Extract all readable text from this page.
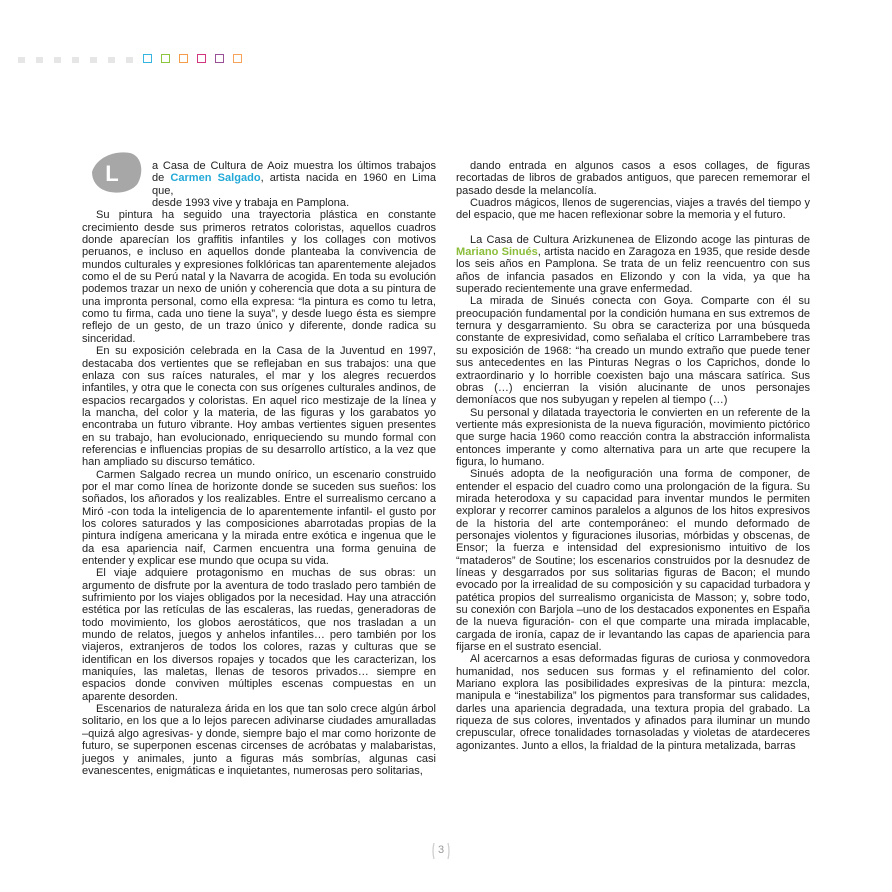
L	a Casa de Cultura de Aoiz muestra los últimos trabajos de Carmen Salgado, artista nacida en 1960 en Lima que,
desde 1993 vive y trabaja en Pamplona.

Su pintura ha seguido una trayectoria plástica en constante crecimiento desde sus primeros retratos coloristas, aquellos cuadros donde aparecían los graffitis infantiles y los collages con motivos peruanos, e incluso en aquellos donde planteaba la convivencia de mundos culturales y expresiones folklóricas tan aparentemente alejados como el de su Perú natal y la Navarra de acogida. En toda su evolución podemos trazar un nexo de unión y coherencia que dota a su pintura de una impronta personal, como ella expresa: “la pintura es como tu letra, como tu firma, cada uno tiene la suya”, y desde luego ésta es siempre reflejo de un gesto, de un trazo único y diferente, donde radica su sinceridad.

En su exposición celebrada en la Casa de la Juventud en 1997, destacaba dos vertientes que se reflejaban en sus trabajos: una que enlaza con sus raíces naturales, el mar y los alegres recuerdos infantiles, y otra que le conecta con sus orígenes culturales andinos, de espacios recargados y coloristas. En aquel rico mestizaje de la línea y la mancha, del color y la materia, de las figuras y los garabatos yo encontraba un futuro vibrante. Hoy ambas vertientes siguen presentes en su trabajo, han evolucionado, enriqueciendo su mundo formal con referencias e influencias propias de su desarrollo artístico, a la vez que han ampliado su discurso temático.

Carmen Salgado recrea un mundo onírico, un escenario construido por el mar como línea de horizonte donde se suceden sus sueños: los soñados, los añorados y los realizables. Entre el surrealismo cercano a Miró -con toda la inteligencia de lo aparentemente infantil- el gusto por los colores saturados y las composiciones abarrotadas propias de la pintura indígena americana y la mirada entre exótica e ingenua que le da esa apariencia naif, Carmen encuentra una forma genuina de entender y explicar ese mundo que ocupa su vida.

El viaje adquiere protagonismo en muchas de sus obras: un argumento de disfrute por la aventura de todo traslado pero también de sufrimiento por los viajes obligados por la necesidad. Hay una atracción estética por las retículas de las escaleras, las ruedas, generadoras de todo movimiento, los globos aerostáticos, que nos trasladan a un mundo de relatos, juegos y anhelos infantiles… pero también por los viajeros, extranjeros de todos los colores, razas y culturas que se identifican en los diversos ropajes y tocados que les caracterizan, los maniquíes, las maletas, llenas de tesoros privados… siempre en espacios donde conviven múltiples escenas compuestas en un aparente desorden.

Escenarios de naturaleza árida en los que tan solo crece algún árbol solitario, en los que a lo lejos parecen adivinarse ciudades amuralladas –quizá algo agresivas- y donde, siempre bajo el mar como horizonte de futuro, se superponen escenas circenses de acróbatas y malabaristas, juegos y animales, junto a figuras más sombrías, algunas casi evanescentes, enigmáticas e inquietantes, numerosas pero solitarias,

dando entrada en algunos casos a esos collages, de figuras recortadas de libros de grabados antiguos, que parecen rememorar el pasado desde la melancolía.

Cuadros mágicos, llenos de sugerencias, viajes a través del tiempo y del espacio, que me hacen reflexionar sobre la memoria y el futuro.

La Casa de Cultura Arizkunenea de Elizondo acoge las pinturas de Mariano Sinués, artista nacido en Zaragoza en 1935, que reside desde los seis años en Pamplona. Se trata de un feliz reencuentro con sus años de infancia pasados en Elizondo y con la vida, ya que ha superado recientemente una grave enfermedad.

La mirada de Sinués conecta con Goya. Comparte con él su preocupación fundamental por la condición humana en sus extremos de ternura y desgarramiento. Su obra se caracteriza por una búsqueda constante de expresividad, como señalaba el crítico Larrambebere tras su exposición de 1968: “ha creado un mundo extraño que puede tener sus antecedentes en las Pinturas Negras o los Caprichos, donde lo extraordinario y lo horrible coexisten bajo una máscara satírica. Sus obras (…) encierran la visión alucinante de unos personajes demoníacos que nos subyugan y repelen al tiempo (…)

Su personal y dilatada trayectoria le convierten en un referente de la vertiente más expresionista de la nueva figuración, movimiento pictórico que surge hacia 1960 como reacción contra la abstracción informalista entonces imperante y como alternativa para un arte que recupere la figura, lo humano.

Sinués adopta de la neofiguración una forma de componer, de entender el espacio del cuadro como una prolongación de la figura. Su mirada heterodoxa y su capacidad para inventar mundos le permiten explorar y recorrer caminos paralelos a algunos de los hitos expresivos de la historia del arte contemporáneo: el mundo deformado de personajes violentos y figuraciones ilusorias, mórbidas y obscenas, de Ensor; la fuerza e intensidad del expresionismo intuitivo de los “mataderos” de Soutine; los escenarios construidos por la desnudez de líneas y desgarrados por sus solitarias figuras de Bacon; el mundo evocado por la irrealidad de su composición y su capacidad turbadora y patética propios del surrealismo organicista de Masson; y, sobre todo, su conexión con Barjola –uno de los destacados exponentes en España de la nueva figuración- con el que comparte una mirada implacable, cargada de ironía, capaz de ir levantando las capas de apariencia para fijarse en el sustrato esencial.

Al acercarnos a esas deformadas figuras de curiosa y conmovedora humanidad, nos seducen sus formas y el refinamiento del color. Mariano explora las posibilidades expresivas de la pintura: mezcla, manipula e “inestabiliza” los pigmentos para transformar sus calidades, darles una apariencia degradada, una textura propia del grabado. La riqueza de sus colores, inventados y afinados para iluminar un mundo crepuscular, ofrece tonalidades tornasoladas y violetas de atardeceres agonizantes. Junto a ellos, la frialdad de la pintura metalizada, barras

3
